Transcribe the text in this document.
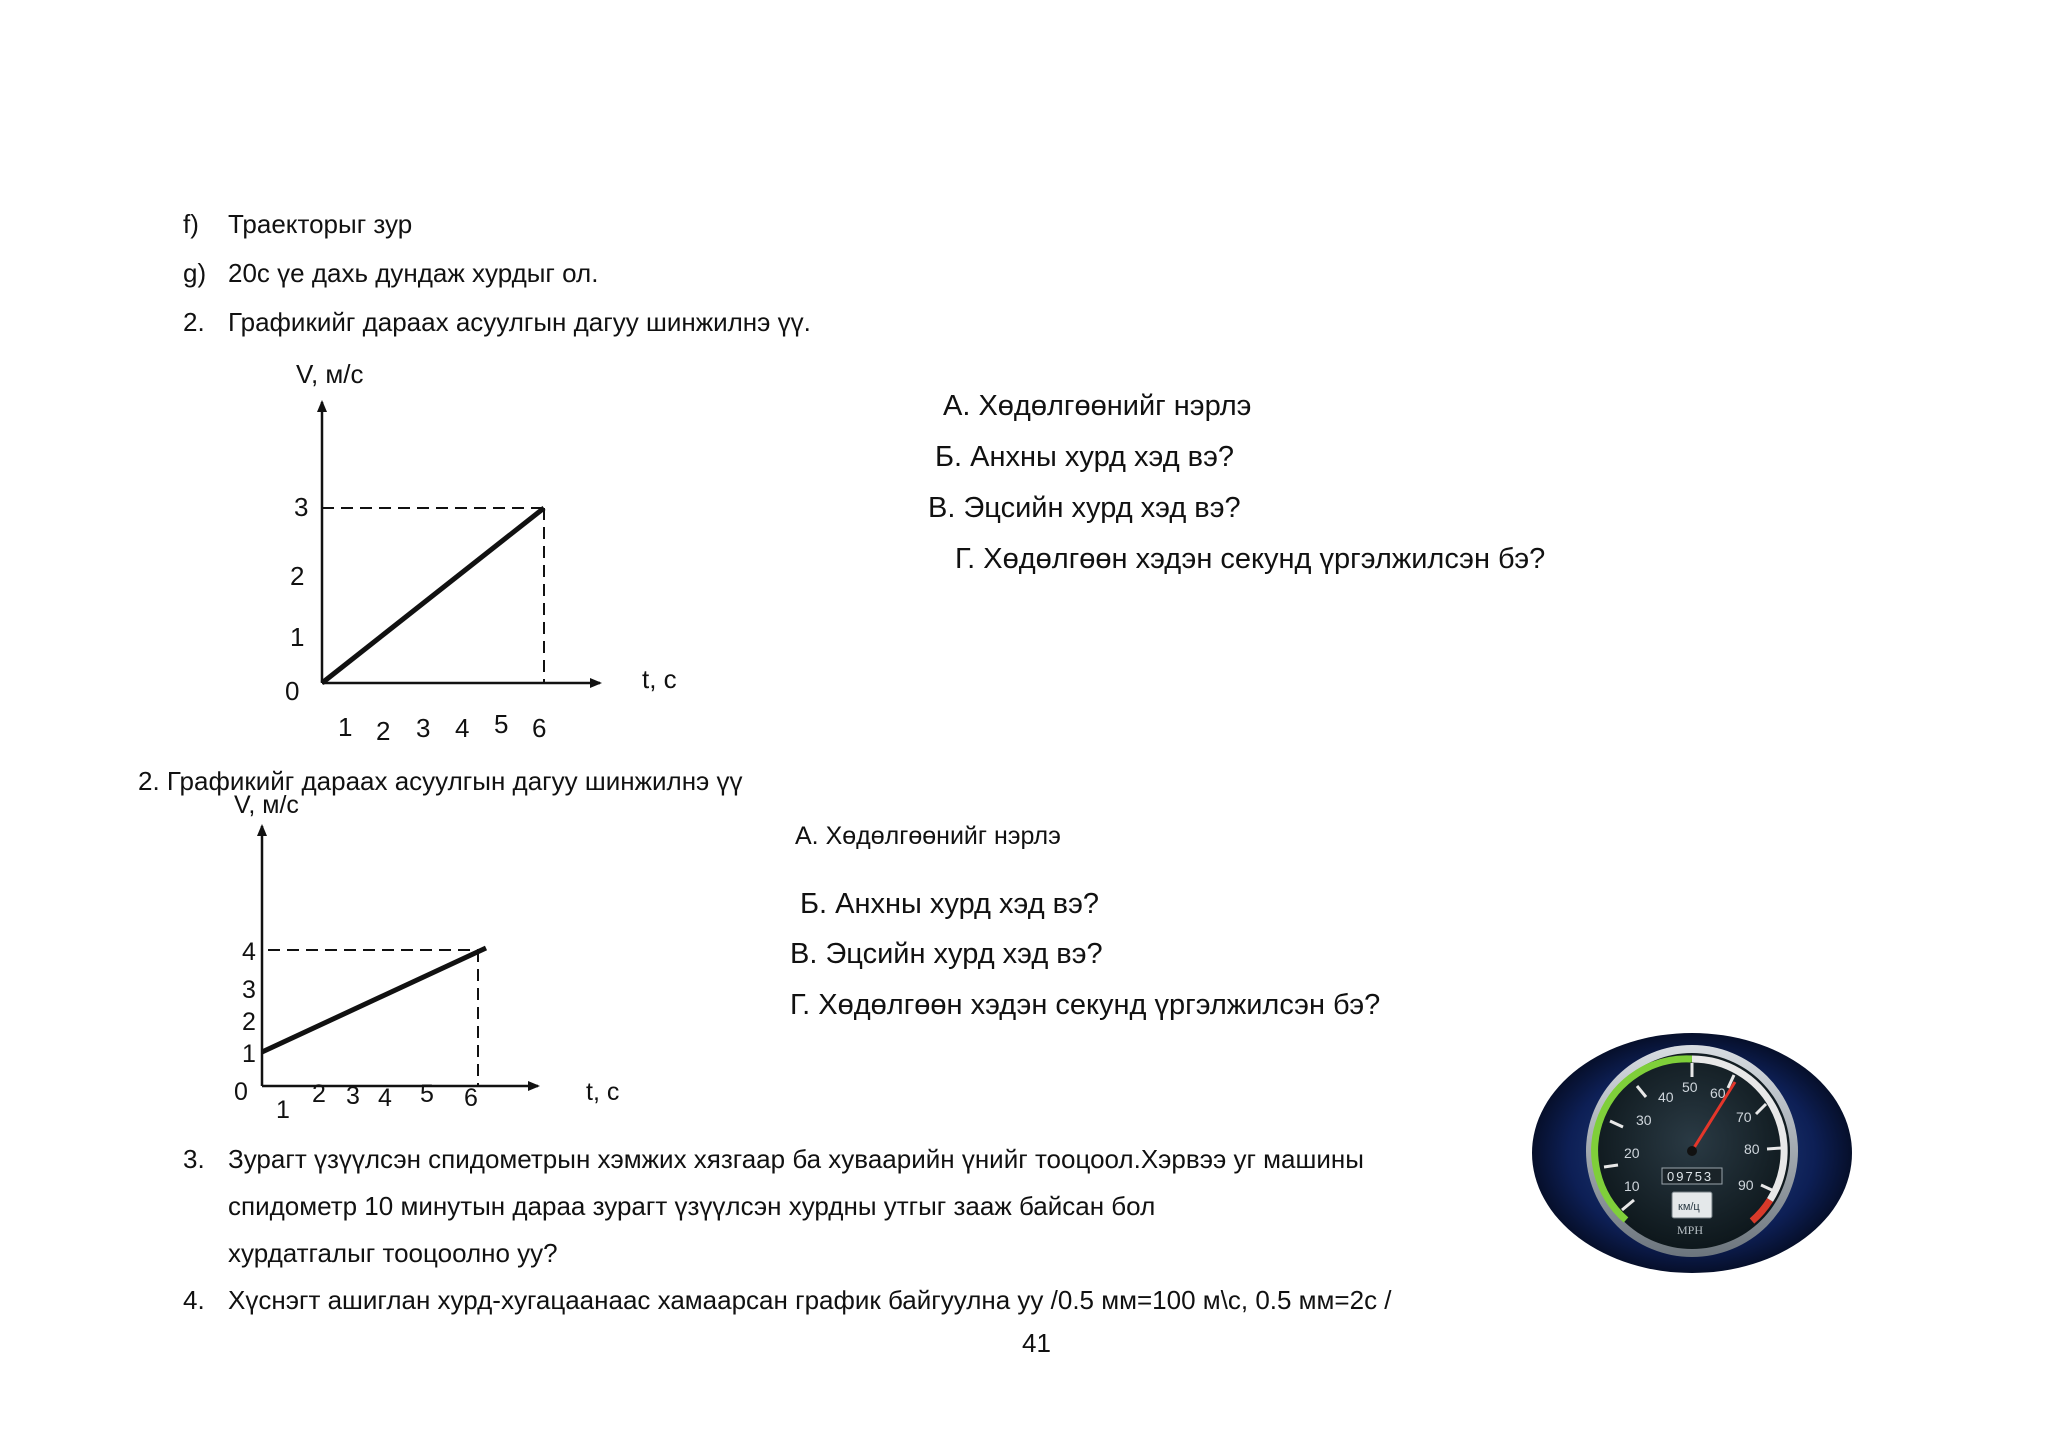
f) Траекторыг зур
g) 20с үе дахь дундаж хурдыг ол.
2. Графикийг дараах асуулгын дагуу шинжилнэ үү.
V, м/с
t, c
0
1
2
3
1 2 3 4 5 6
А. Хөдөлгөөнийг нэрлэ
Б. Анхны хурд хэд вэ?
В. Эцсийн хурд хэд вэ?
Г. Хөдөлгөөн хэдэн секунд үргэлжилсэн бэ?
2. Графикийг дараах асуулгын дагуу шинжилнэ үү
V, м/с
t, c
0
1
2
3
4
1
2 3 4 5 6
А. Хөдөлгөөнийг нэрлэ
Б. Анхны хурд хэд вэ?
В. Эцсийн хурд хэд вэ?
Г. Хөдөлгөөн хэдэн секунд үргэлжилсэн бэ?
3. Зурагт үзүүлсэн спидометрын хэмжих хязгаар ба хуваарийн үнийг тооцоол.Хэрвээ уг машины
спидометр 10 минутын дараа зурагт үзүүлсэн хурдны утгыг зааж байсан бол
хурдатгалыг тооцоолно уу?
4. Хүснэгт ашиглан хурд-хугацаанаас хамаарсан график байгуулна уу /0.5 мм=100 м\с, 0.5 мм=2с /
41
10
20
30
40
50 60
70
80
90
09753
км/ц
MPH
